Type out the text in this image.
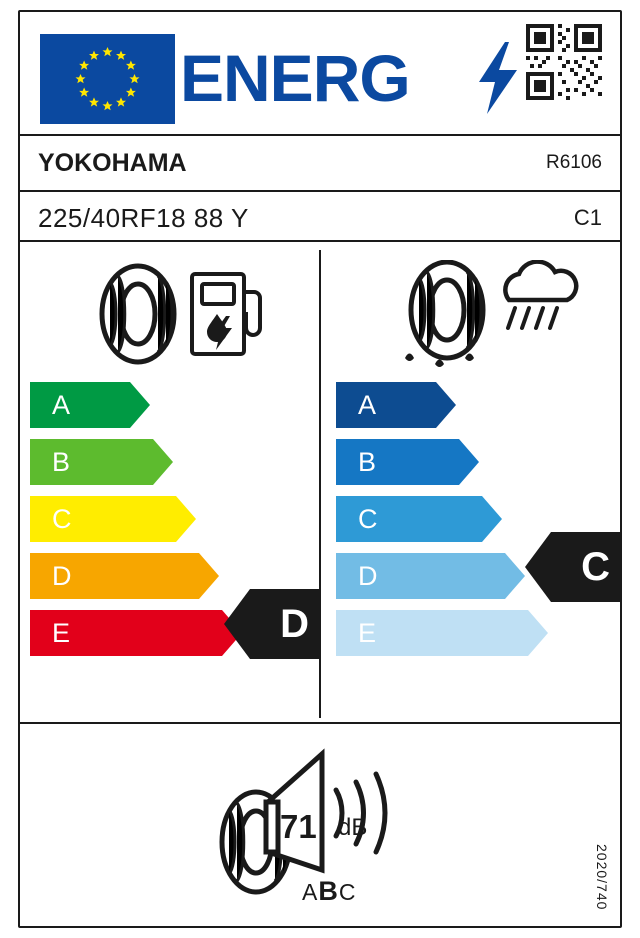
ENERG
YOKOHAMA	R6106
225/40RF18 88 Y	C1
A
B
C
D
E	D
A
B
C
D
E
C
71 dB
ABC	2020/740
